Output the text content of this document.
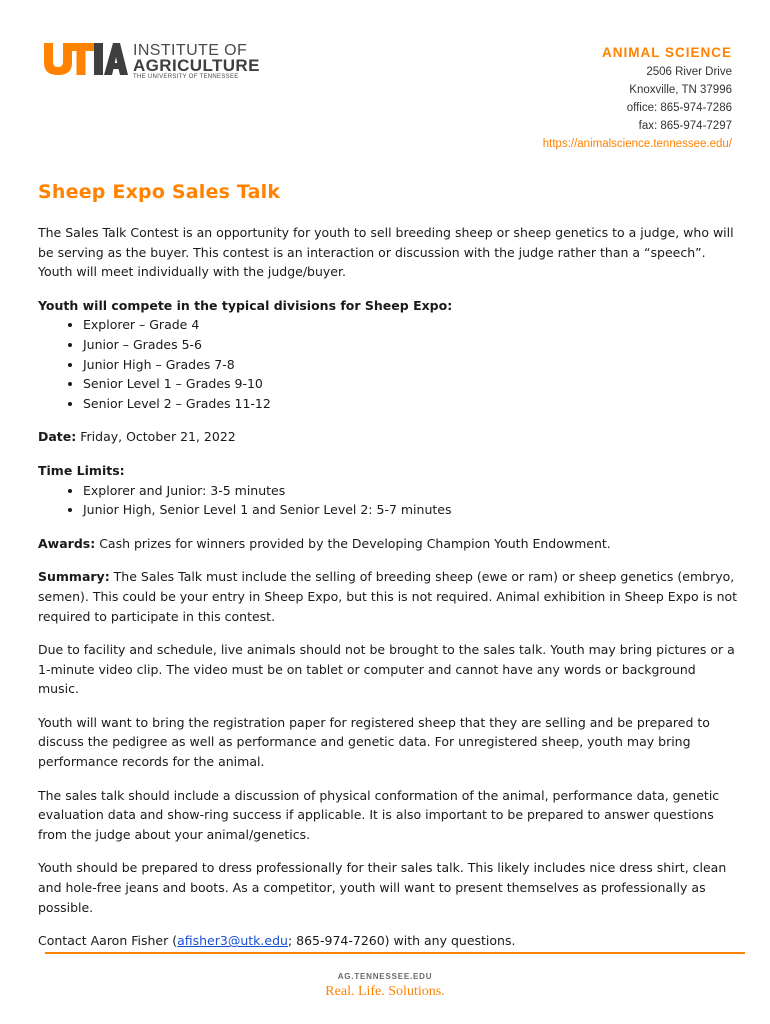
INSTITUTE OF
AGRICULTURE
THE UNIVERSITY OF TENNESSEE
ANIMAL SCIENCE
2506 River Drive
Knoxville, TN 37996
office: 865-974-7286
fax: 865-974-7297
https://animalscience.tennessee.edu/
Sheep Expo Sales Talk

The Sales Talk Contest is an opportunity for youth to sell breeding sheep or sheep genetics to a judge, who will be serving as the buyer. This contest is an interaction or discussion with the judge rather than a “speech”. Youth will meet individually with the judge/buyer.

Youth will compete in the typical divisions for Sheep Expo:
• Explorer – Grade 4
• Junior – Grades 5-6
• Junior High – Grades 7-8
• Senior Level 1 – Grades 9-10
• Senior Level 2 – Grades 11-12

Date: Friday, October 21, 2022

Time Limits:
• Explorer and Junior: 3-5 minutes
• Junior High, Senior Level 1 and Senior Level 2: 5-7 minutes

Awards: Cash prizes for winners provided by the Developing Champion Youth Endowment.

Summary: The Sales Talk must include the selling of breeding sheep (ewe or ram) or sheep genetics (embryo, semen). This could be your entry in Sheep Expo, but this is not required. Animal exhibition in Sheep Expo is not required to participate in this contest.

Due to facility and schedule, live animals should not be brought to the sales talk. Youth may bring pictures or a 1-minute video clip. The video must be on tablet or computer and cannot have any words or background music.

Youth will want to bring the registration paper for registered sheep that they are selling and be prepared to discuss the pedigree as well as performance and genetic data. For unregistered sheep, youth may bring performance records for the animal.

The sales talk should include a discussion of physical conformation of the animal, performance data, genetic evaluation data and show-ring success if applicable. It is also important to be prepared to answer questions from the judge about your animal/genetics.

Youth should be prepared to dress professionally for their sales talk. This likely includes nice dress shirt, clean and hole-free jeans and boots. As a competitor, youth will want to present themselves as professionally as possible.

Contact Aaron Fisher (afisher3@utk.edu; 865-974-7260) with any questions.

AG.TENNESSEE.EDU
Real. Life. Solutions.
